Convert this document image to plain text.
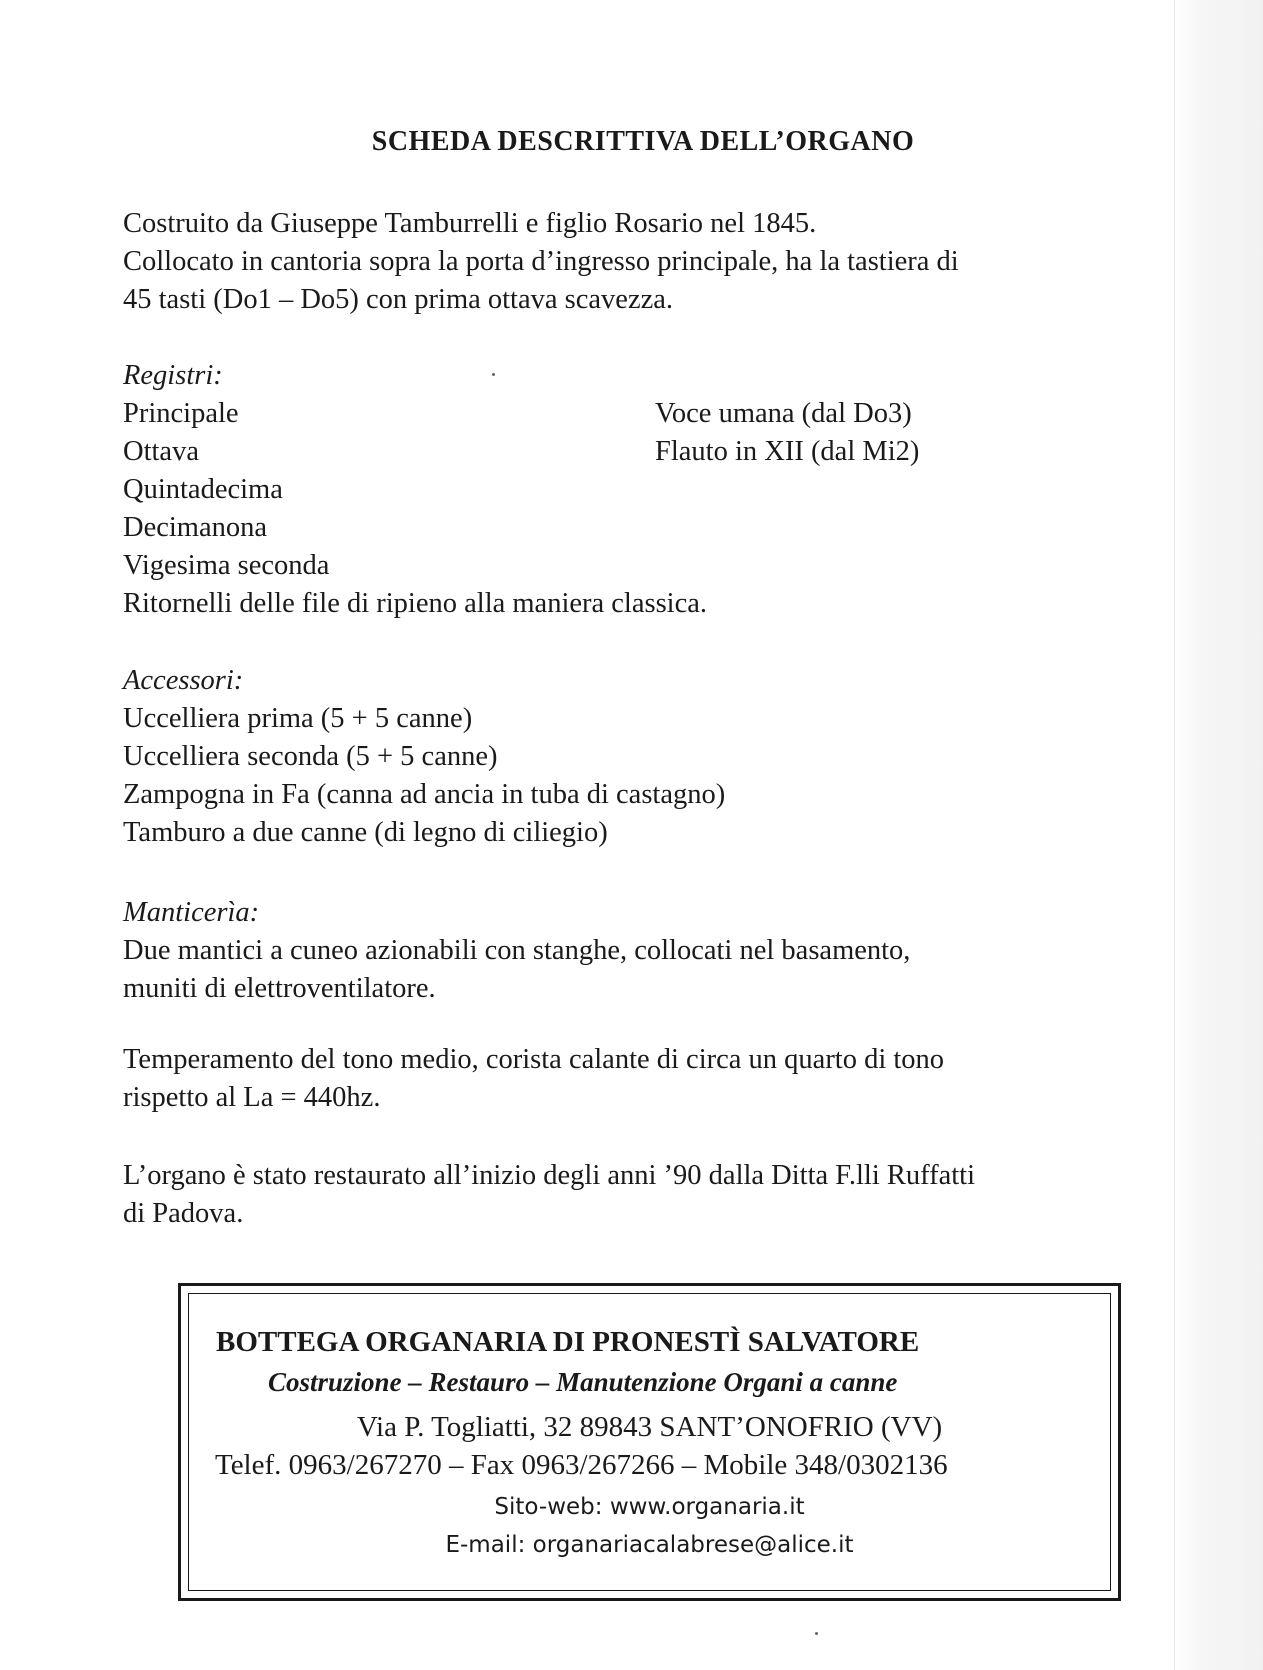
SCHEDA DESCRITTIVA DELL’ORGANO
Costruito da Giuseppe Tamburrelli e figlio Rosario nel 1845.
Collocato in cantoria sopra la porta d’ingresso principale, ha la tastiera di
45 tasti (Do1 – Do5) con prima ottava scavezza.
Registri:
Principale
Ottava
Quintadecima
Decimanona
Vigesima seconda
Ritornelli delle file di ripieno alla maniera classica.
Voce umana (dal Do3)
Flauto in XII (dal Mi2)
Accessori:
Uccelliera prima (5 + 5 canne)
Uccelliera seconda (5 + 5 canne)
Zampogna in Fa (canna ad ancia in tuba di castagno)
Tamburo a due canne (di legno di ciliegio)
Manticerìa:
Due mantici a cuneo azionabili con stanghe, collocati nel basamento,
muniti di elettroventilatore.
Temperamento del tono medio, corista calante di circa un quarto di tono
rispetto al La = 440hz.
L’organo è stato restaurato all’inizio degli anni ’90 dalla Ditta F.lli Ruffatti
di Padova.
BOTTEGA ORGANARIA DI PRONESTÌ SALVATORE
Costruzione – Restauro – Manutenzione Organi a canne
Via P. Togliatti, 32 89843 SANT’ONOFRIO (VV)
Telef. 0963/267270 – Fax 0963/267266 – Mobile 348/0302136
Sito-web: www.organaria.it
E-mail: organariacalabrese@alice.it
